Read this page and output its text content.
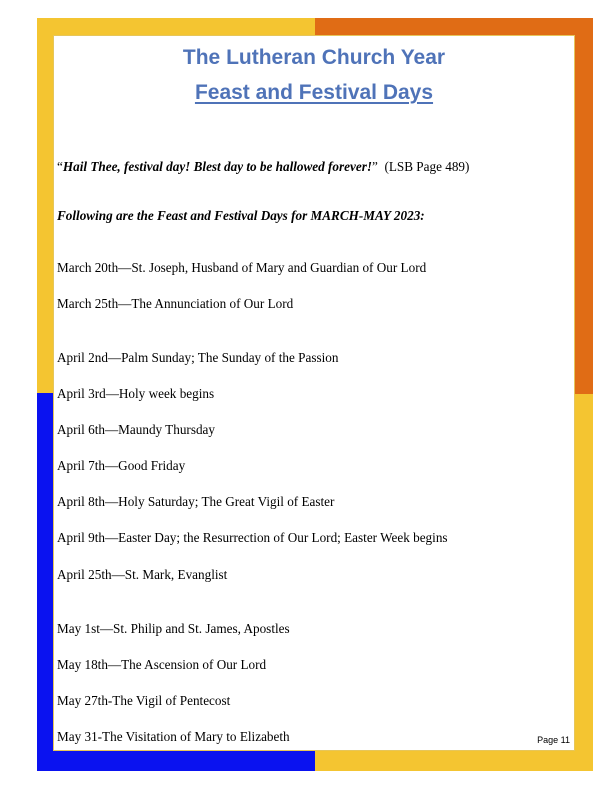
The Lutheran Church Year
Feast and Festival Days

“Hail Thee, festival day! Blest day to be hallowed forever!” (LSB Page 489)

Following are the Feast and Festival Days for MARCH-MAY 2023:

March 20th—St. Joseph, Husband of Mary and Guardian of Our Lord

March 25th—The Annunciation of Our Lord

April 2nd—Palm Sunday; The Sunday of the Passion

April 3rd—Holy week begins

April 6th—Maundy Thursday

April 7th—Good Friday

April 8th—Holy Saturday; The Great Vigil of Easter

April 9th—Easter Day; the Resurrection of Our Lord; Easter Week begins

April 25th—St. Mark, Evanglist

May 1st—St. Philip and St. James, Apostles

May 18th—The Ascension of Our Lord

May 27th-The Vigil of Pentecost

May 31-The Visitation of Mary to Elizabeth	Page 11
